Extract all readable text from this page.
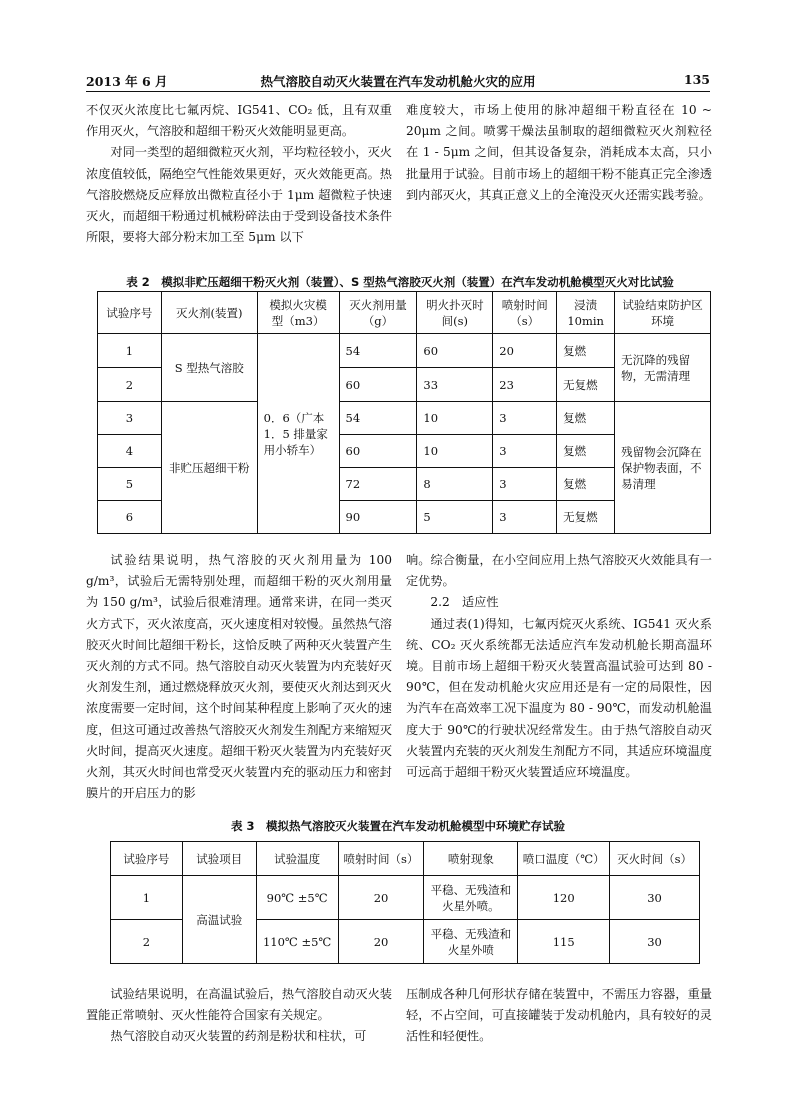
2013 年 6 月	热气溶胶自动灭火装置在汽车发动机舱火灾的应用	135

不仅灭火浓度比七氟丙烷、IG541、CO₂ 低，且有双重作用灭火，气溶胶和超细干粉灭火效能明显更高。

对同一类型的超细微粒灭火剂，平均粒径较小，灭火浓度值较低，隔绝空气性能效果更好，灭火效能更高。热气溶胶燃烧反应释放出微粒直径小于 1μm 超微粒子快速灭火，而超细干粉通过机械粉碎法由于受到设备技术条件所限，要将大部分粉末加工至 5μm 以下

难度较大，市场上使用的脉冲超细干粉直径在 10 ~ 20μm 之间。喷雾干燥法虽制取的超细微粒灭火剂粒径在 1 - 5μm 之间，但其设备复杂，消耗成本太高，只小批量用于试验。目前市场上的超细干粉不能真正完全渗透到内部灭火，其真正意义上的全淹没灭火还需实践考验。

表 2　模拟非贮压超细干粉灭火剂（装置）、S 型热气溶胶灭火剂（装置）在汽车发动机舱模型灭火对比试验
试验序号	灭火剂(装置)	模拟火灾模型（m3）	灭火剂用量（g）	明火扑灭时间(s)	喷射时间（s）	浸渍 10min	试验结束防护区环境
1	S 型热气溶胶	0．6（广本 1．5 排量家用小轿车）	54	60	20	复燃	无沉降的残留物，无需清理
2			60	33	23	无复燃	
3	非贮压超细干粉		54	10	3	复燃	残留物会沉降在保护物表面，不易清理
4			60	10	3	复燃	
5			72	8	3	复燃	
6			90	5	3	无复燃	

试验结果说明，热气溶胶的灭火剂用量为 100 g/m³，试验后无需特别处理，而超细干粉的灭火剂用量为 150 g/m³，试验后很难清理。通常来讲，在同一类灭火方式下，灭火浓度高，灭火速度相对较慢。虽然热气溶胶灭火时间比超细干粉长，这恰反映了两种灭火装置产生灭火剂的方式不同。热气溶胶自动灭火装置为内充装好灭火剂发生剂，通过燃烧释放灭火剂，要使灭火剂达到灭火浓度需要一定时间，这个时间某种程度上影响了灭火的速度，但这可通过改善热气溶胶灭火剂发生剂配方来缩短灭火时间，提高灭火速度。超细干粉灭火装置为内充装好灭火剂，其灭火时间也常受灭火装置内充的驱动压力和密封膜片的开启压力的影

响。综合衡量，在小空间应用上热气溶胶灭火效能具有一定优势。

2.2　适应性

通过表(1)得知，七氟丙烷灭火系统、IG541 灭火系统、CO₂ 灭火系统都无法适应汽车发动机舱长期高温环境。目前市场上超细干粉灭火装置高温试验可达到 80 - 90℃，但在发动机舱火灾应用还是有一定的局限性，因为汽车在高效率工况下温度为 80 - 90℃，而发动机舱温度大于 90℃的行驶状况经常发生。由于热气溶胶自动灭火装置内充装的灭火剂发生剂配方不同，其适应环境温度可远高于超细干粉灭火装置适应环境温度。

表 3　模拟热气溶胶灭火装置在汽车发动机舱模型中环境贮存试验
试验序号	试验项目	试验温度	喷射时间（s）	喷射现象	喷口温度（℃）	灭火时间（s）
1	高温试验	90℃ ±5℃	20	平稳、无残渣和火星外喷。	120	30
2		110℃ ±5℃	20	平稳、无残渣和火星外喷	115	30

试验结果说明，在高温试验后，热气溶胶自动灭火装置能正常喷射、灭火性能符合国家有关规定。

热气溶胶自动灭火装置的药剂是粉状和柱状，可

压制成各种几何形状存储在装置中，不需压力容器，重量轻，不占空间，可直接罐装于发动机舱内，具有较好的灵活性和轻便性。
